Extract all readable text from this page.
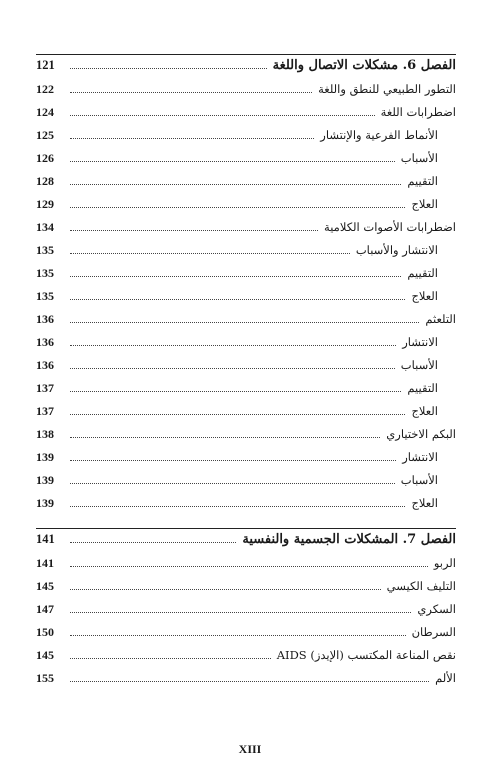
الفصل 6. مشكلات الاتصال واللغة
121
التطور الطبيعي للنطق واللغة
122
اضطرابات اللغة
124
الأنماط الفرعية والإنتشار
125
الأسباب
126
التقييم
128
العلاج
129
اضطرابات الأصوات الكلامية
134
الانتشار والأسباب
135
التقييم
135
العلاج
135
التلعثم
136
الانتشار
136
الأسباب
136
التقييم
137
العلاج
137
البكم الاختياري
138
الانتشار
139
الأسباب
139
العلاج
139
الفصل 7. المشكلات الجسمية والنفسية
141
الربو
141
التليف الكيسي
145
السكري
147
السرطان
150
نقص المناعة المكتسب (الإيدز) AIDS
145
الألم
155
XIII
